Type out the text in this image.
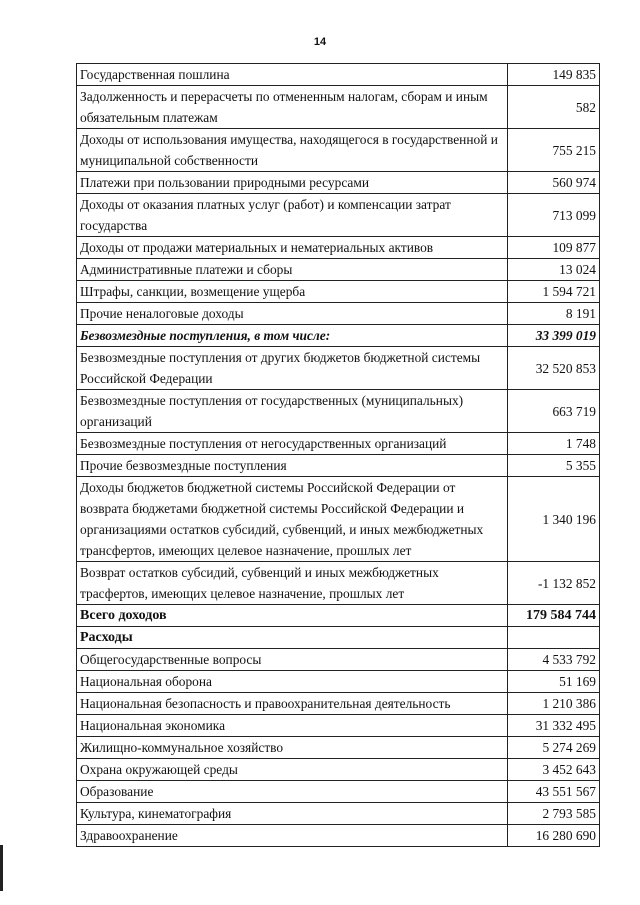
14
Государственная пошлина	149 835
Задолженность и перерасчеты по отмененным налогам, сборам и иным обязательным платежам	582
Доходы от использования имущества, находящегося в государственной и муниципальной собственности	755 215
Платежи при пользовании природными ресурсами	560 974
Доходы от оказания платных услуг (работ) и компенсации затрат государства	713 099
Доходы от продажи материальных и нематериальных активов	109 877
Административные платежи и сборы	13 024
Штрафы, санкции, возмещение ущерба	1 594 721
Прочие неналоговые доходы	8 191
Безвозмездные поступления, в том числе:	33 399 019
Безвозмездные поступления от других бюджетов бюджетной системы Российской Федерации	32 520 853
Безвозмездные поступления от государственных (муниципальных) организаций	663 719
Безвозмездные поступления от негосударственных организаций	1 748
Прочие безвозмездные поступления	5 355
Доходы бюджетов бюджетной системы Российской Федерации от возврата бюджетами бюджетной системы Российской Федерации и организациями остатков субсидий, субвенций, и иных межбюджетных трансфертов, имеющих целевое назначение, прошлых лет	1 340 196
Возврат остатков субсидий, субвенций и иных межбюджетных трасфертов, имеющих целевое назначение, прошлых лет	-1 132 852
Всего доходов	179 584 744
Расходы	
Общегосударственные вопросы	4 533 792
Национальная оборона	51 169
Национальная безопасность и правоохранительная деятельность	1 210 386
Национальная экономика	31 332 495
Жилищно-коммунальное хозяйство	5 274 269
Охрана окружающей среды	3 452 643
Образование	43 551 567
Культура, кинематография	2 793 585
Здравоохранение	16 280 690
